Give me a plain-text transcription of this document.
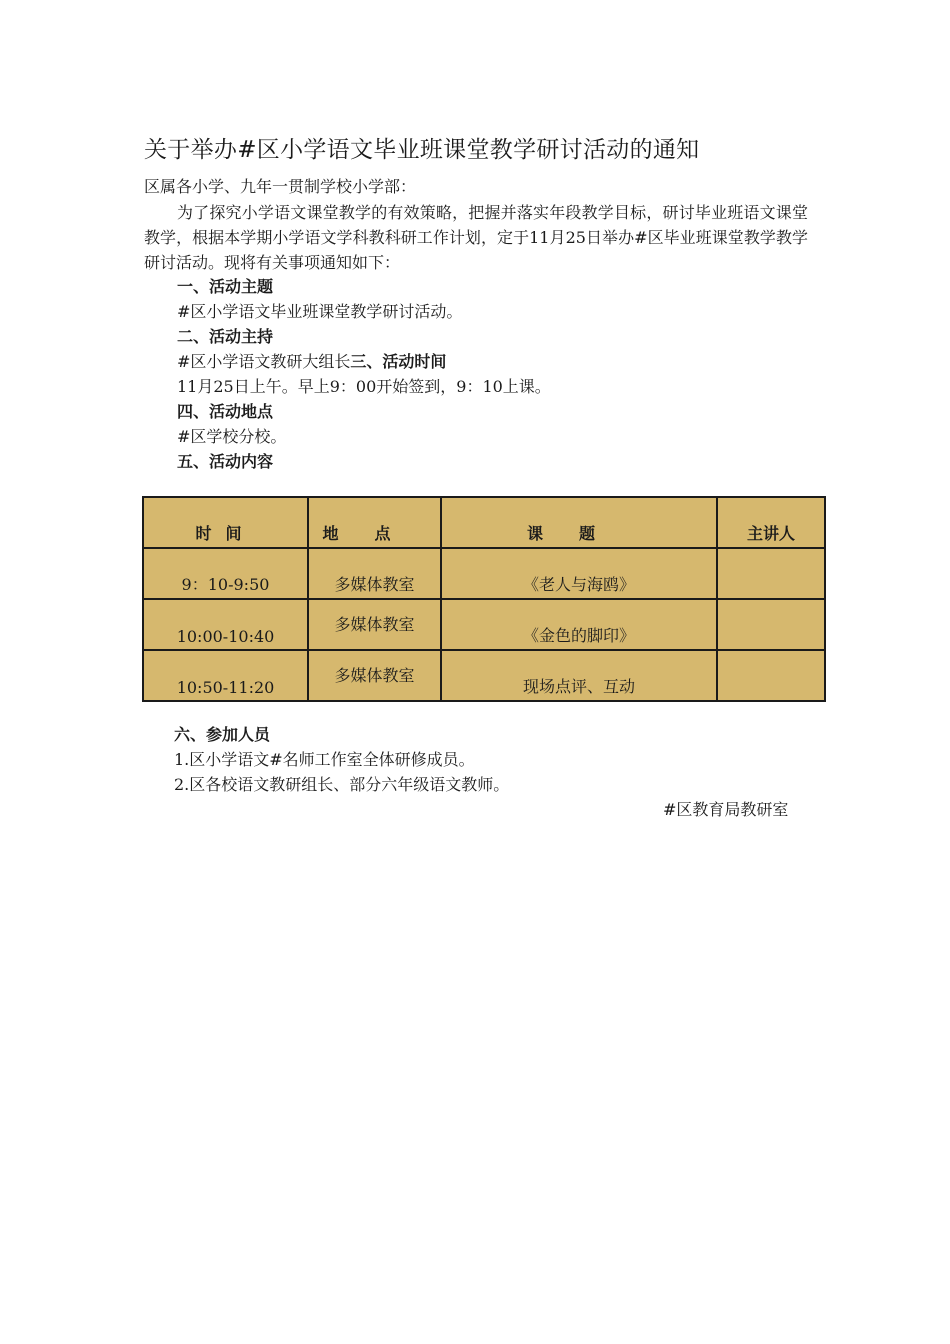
关于举办#区小学语文毕业班课堂教学研讨活动的通知
区属各小学、九年一贯制学校小学部：
为了探究小学语文课堂教学的有效策略，把握并落实年段教学目标，研讨毕业班语文课堂教学，根据本学期小学语文学科教科研工作计划，定于11月25日举办#区毕业班课堂教学教学研讨活动。现将有关事项通知如下：
一、活动主题
#区小学语文毕业班课堂教学研讨活动。
二、活动主持
#区小学语文教研大组长三、活动时间
11月25日上午。早上9：00开始签到，9：10上课。
四、活动地点
#区学校分校。
五、活动内容
时间	地点	课题	主讲人
9：10-9:50	多媒体教室	《老人与海鸥》	
10:00-10:40	多媒体教室	《金色的脚印》	
10:50-11:20	多媒体教室	现场点评、互动	
六、参加人员
1.区小学语文#名师工作室全体研修成员。
2.区各校语文教研组长、部分六年级语文教师。
#区教育局教研室
